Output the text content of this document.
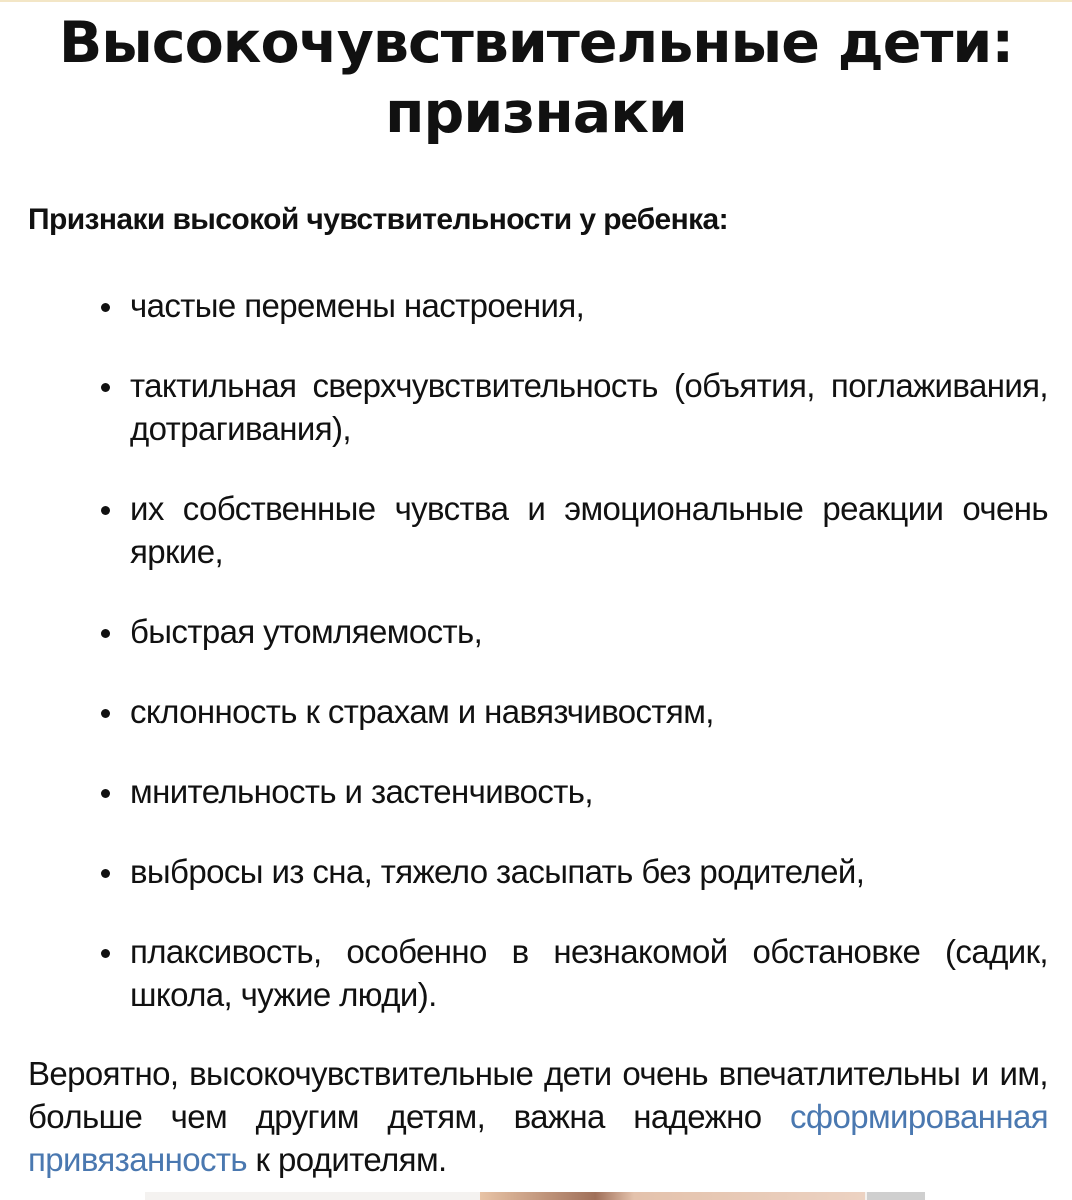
Высокочувствительные дети: признаки

Признаки высокой чувствительности у ребенка:

частые перемены настроения,
тактильная сверхчувствительность (объятия, поглаживания, дотрагивания),
их собственные чувства и эмоциональные реакции очень яркие,
быстрая утомляемость,
склонность к страхам и навязчивостям,
мнительность и застенчивость,
выбросы из сна, тяжело засыпать без родителей,
плаксивость, особенно в незнакомой обстановке (садик, школа, чужие люди).

Вероятно, высокочувствительные дети очень впечатлительны и им, больше чем другим детям, важна надежно сформированная привязанность к родителям.
